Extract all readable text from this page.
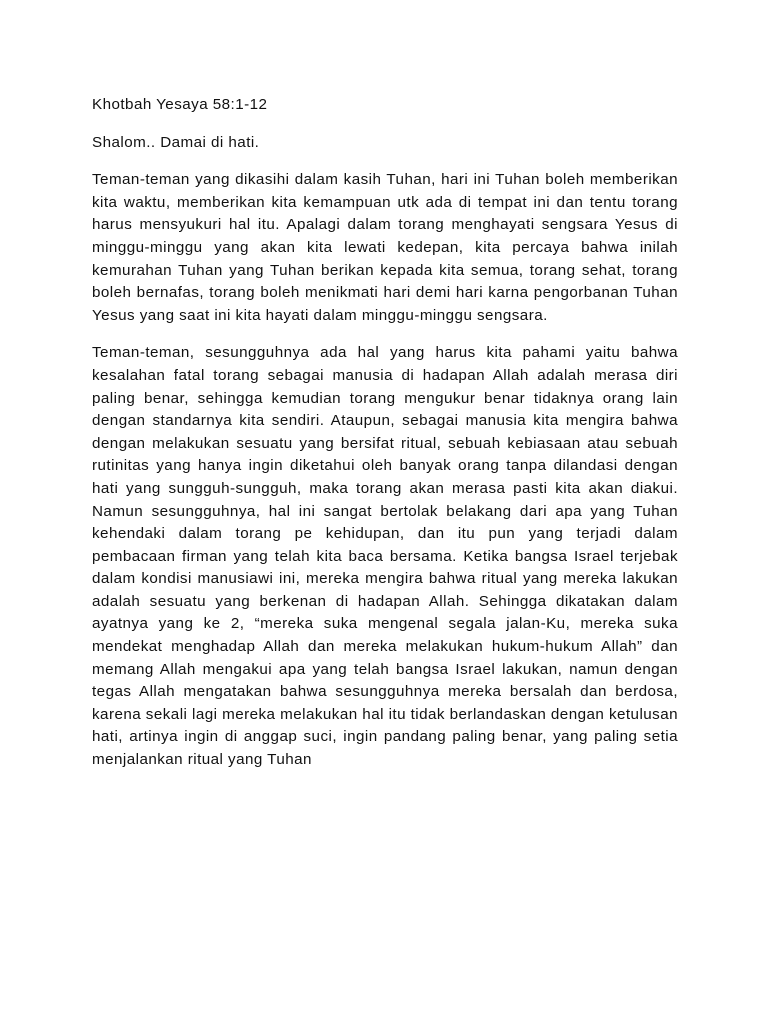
Khotbah Yesaya 58:1-12

Shalom.. Damai di hati.

Teman-teman yang dikasihi dalam kasih Tuhan, hari ini Tuhan boleh memberikan kita waktu, memberikan kita kemampuan utk ada di tempat ini dan tentu torang harus mensyukuri hal itu. Apalagi dalam torang menghayati sengsara Yesus di minggu-minggu yang akan kita lewati kedepan, kita percaya bahwa inilah kemurahan Tuhan yang Tuhan berikan kepada kita semua, torang sehat, torang boleh bernafas, torang boleh menikmati hari demi hari karna pengorbanan Tuhan Yesus yang saat ini kita hayati dalam minggu-minggu sengsara.

Teman-teman, sesungguhnya ada hal yang harus kita pahami yaitu bahwa kesalahan fatal torang sebagai manusia di hadapan Allah adalah merasa diri paling benar, sehingga kemudian torang mengukur benar tidaknya orang lain dengan standarnya kita sendiri. Ataupun, sebagai manusia kita mengira bahwa dengan melakukan sesuatu yang bersifat ritual, sebuah kebiasaan atau sebuah rutinitas yang hanya ingin diketahui oleh banyak orang tanpa dilandasi dengan hati yang sungguh-sungguh, maka torang akan merasa pasti kita akan diakui. Namun sesungguhnya, hal ini sangat bertolak belakang dari apa yang Tuhan kehendaki dalam torang pe kehidupan, dan itu pun yang terjadi dalam pembacaan firman yang telah kita baca bersama. Ketika bangsa Israel terjebak dalam kondisi manusiawi ini, mereka mengira bahwa ritual yang mereka lakukan adalah sesuatu yang berkenan di hadapan Allah. Sehingga dikatakan dalam ayatnya yang ke 2, “mereka suka mengenal segala jalan-Ku, mereka suka mendekat menghadap Allah dan mereka melakukan hukum-hukum Allah” dan memang Allah mengakui apa yang telah bangsa Israel lakukan, namun dengan tegas Allah mengatakan bahwa sesungguhnya mereka bersalah dan berdosa, karena sekali lagi mereka melakukan hal itu tidak berlandaskan dengan ketulusan hati, artinya ingin di anggap suci, ingin pandang paling benar, yang paling setia menjalankan ritual yang Tuhan
